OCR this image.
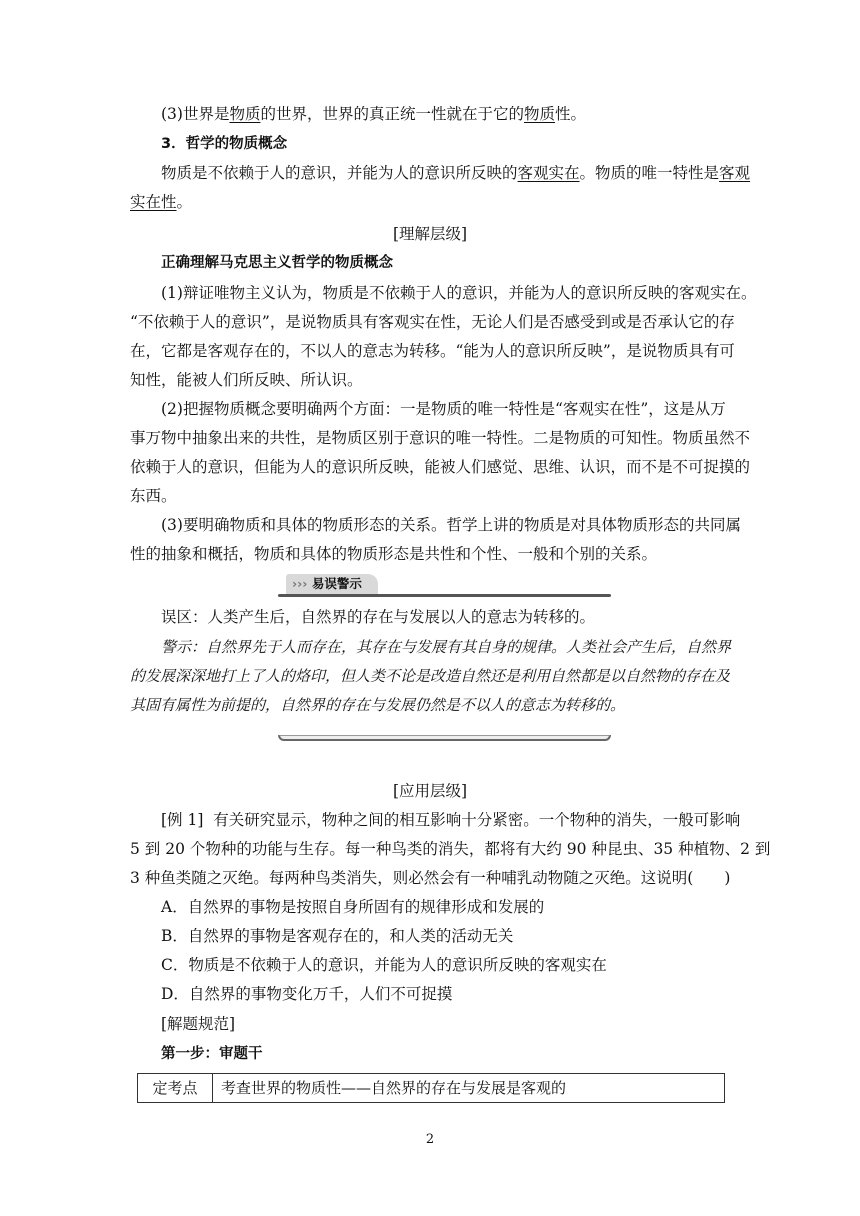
(3)世界是物质的世界，世界的真正统一性就在于它的物质性。
3．哲学的物质概念
物质是不依赖于人的意识，并能为人的意识所反映的客观实在。物质的唯一特性是客观
实在性。
[理解层级]
正确理解马克思主义哲学的物质概念
(1)辩证唯物主义认为，物质是不依赖于人的意识，并能为人的意识所反映的客观实在。
“不依赖于人的意识”，是说物质具有客观实在性，无论人们是否感受到或是否承认它的存
在，它都是客观存在的，不以人的意志为转移。“能为人的意识所反映”，是说物质具有可
知性，能被人们所反映、所认识。
(2)把握物质概念要明确两个方面：一是物质的唯一特性是“客观实在性”，这是从万
事万物中抽象出来的共性，是物质区别于意识的唯一特性。二是物质的可知性。物质虽然不
依赖于人的意识，但能为人的意识所反映，能被人们感觉、思维、认识，而不是不可捉摸的
东西。
(3)要明确物质和具体的物质形态的关系。哲学上讲的物质是对具体物质形态的共同属
性的抽象和概括，物质和具体的物质形态是共性和个性、一般和个别的关系。
››› 易误警示
误区：人类产生后，自然界的存在与发展以人的意志为转移的。
警示：自然界先于人而存在，其存在与发展有其自身的规律。人类社会产生后，自然界
的发展深深地打上了人的烙印，但人类不论是改造自然还是利用自然都是以自然物的存在及
其固有属性为前提的，自然界的存在与发展仍然是不以人的意志为转移的。
[应用层级]
[例 1] 有关研究显示，物种之间的相互影响十分紧密。一个物种的消失，一般可影响
5 到 20 个物种的功能与生存。每一种鸟类的消失，都将有大约 90 种昆虫、35 种植物、2 到
3 种鱼类随之灭绝。每两种鸟类消失，则必然会有一种哺乳动物随之灭绝。这说明(　　)
A．自然界的事物是按照自身所固有的规律形成和发展的
B．自然界的事物是客观存在的，和人类的活动无关
C．物质是不依赖于人的意识，并能为人的意识所反映的客观实在
D．自然界的事物变化万千，人们不可捉摸
[解题规范]
第一步：审题干
定考点	考查世界的物质性——自然界的存在与发展是客观的
2
